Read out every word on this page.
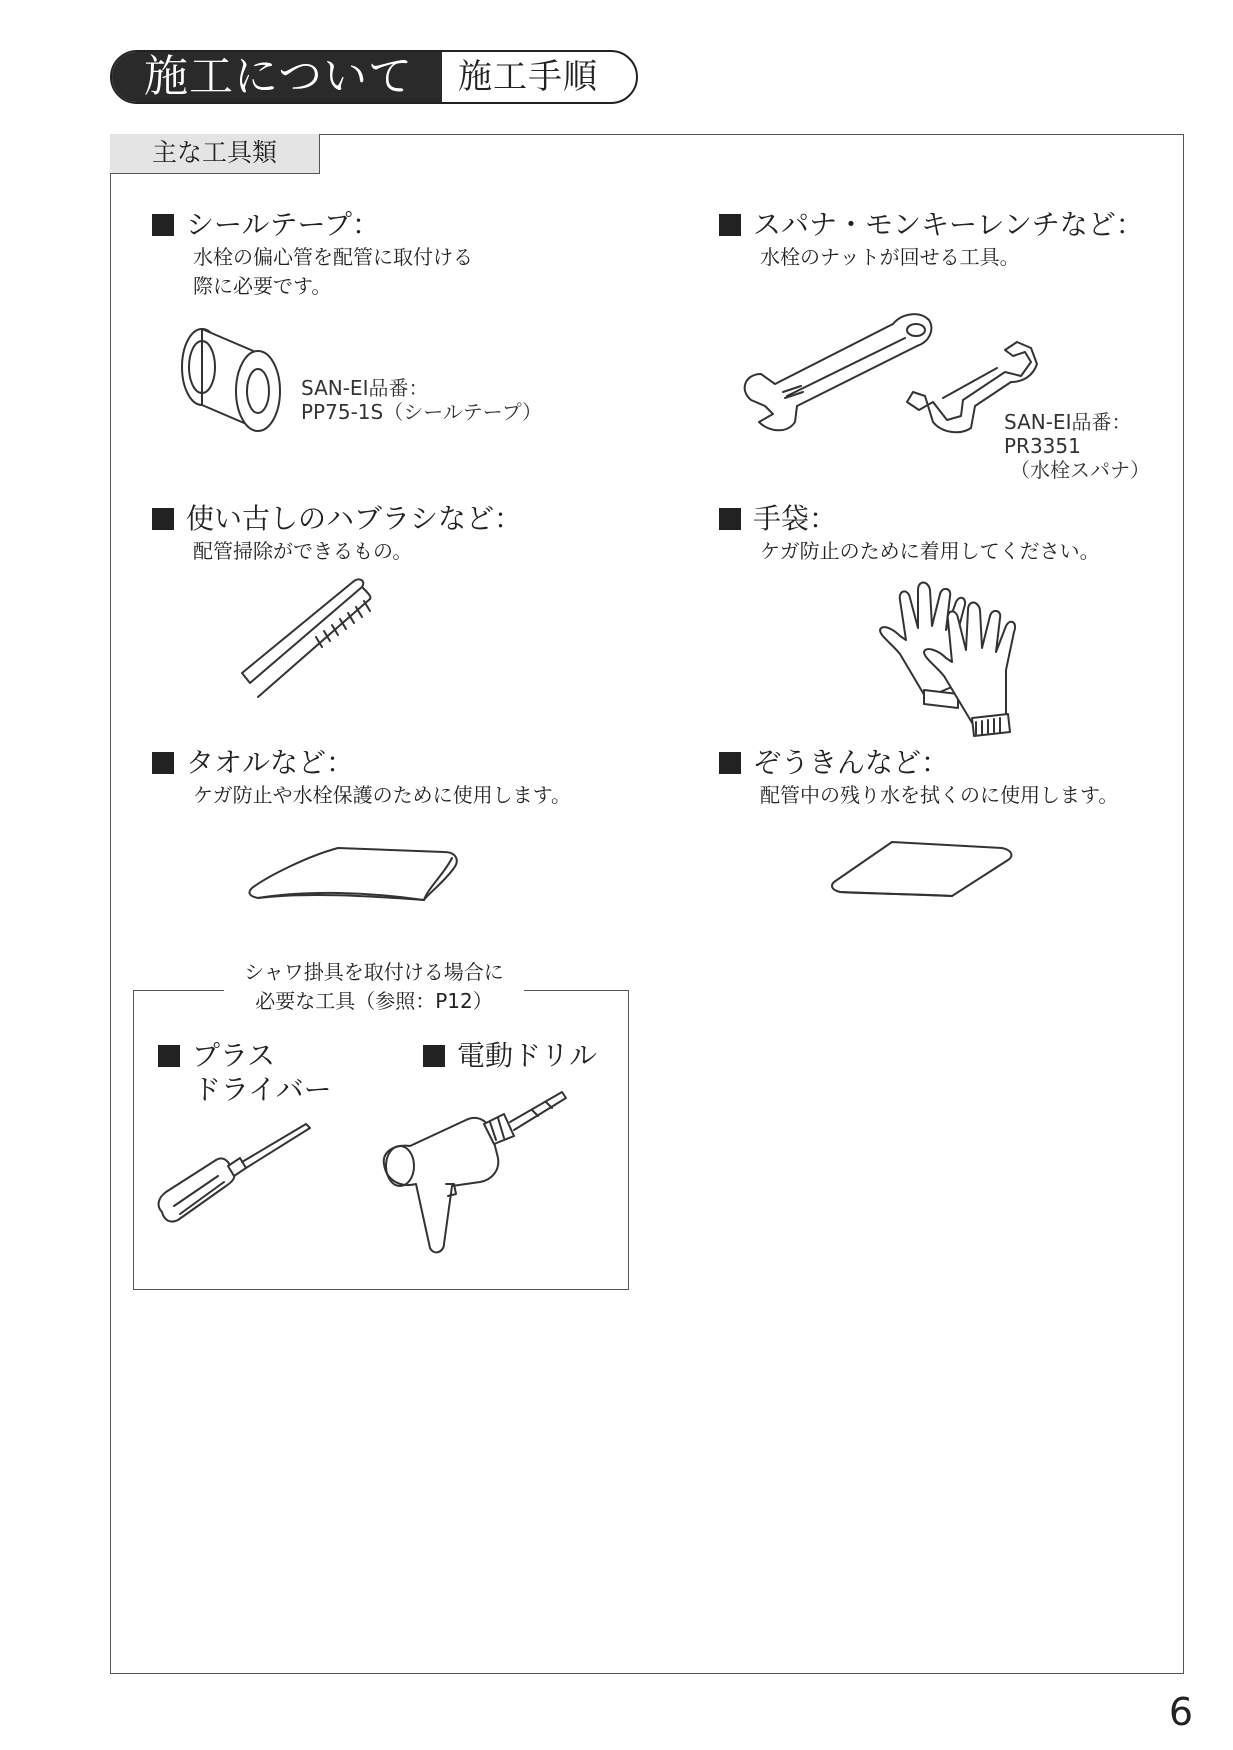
施工について	施工手順
主な工具類
シールテープ：
水栓の偏心管を配管に取付ける
際に必要です。
SAN-EI品番：
PP75-1S（シールテープ）
スパナ・モンキーレンチなど：
水栓のナットが回せる工具。
SAN-EI品番：
PR3351
（水栓スパナ）
使い古しのハブラシなど：
配管掃除ができるもの。
手袋：
ケガ防止のために着用してください。
タオルなど：
ケガ防止や水栓保護のために使用します。
ぞうきんなど：
配管中の残り水を拭くのに使用します。
シャワ掛具を取付ける場合に
必要な工具（参照：P12）
プラス
ドライバー
電動ドリル
6
